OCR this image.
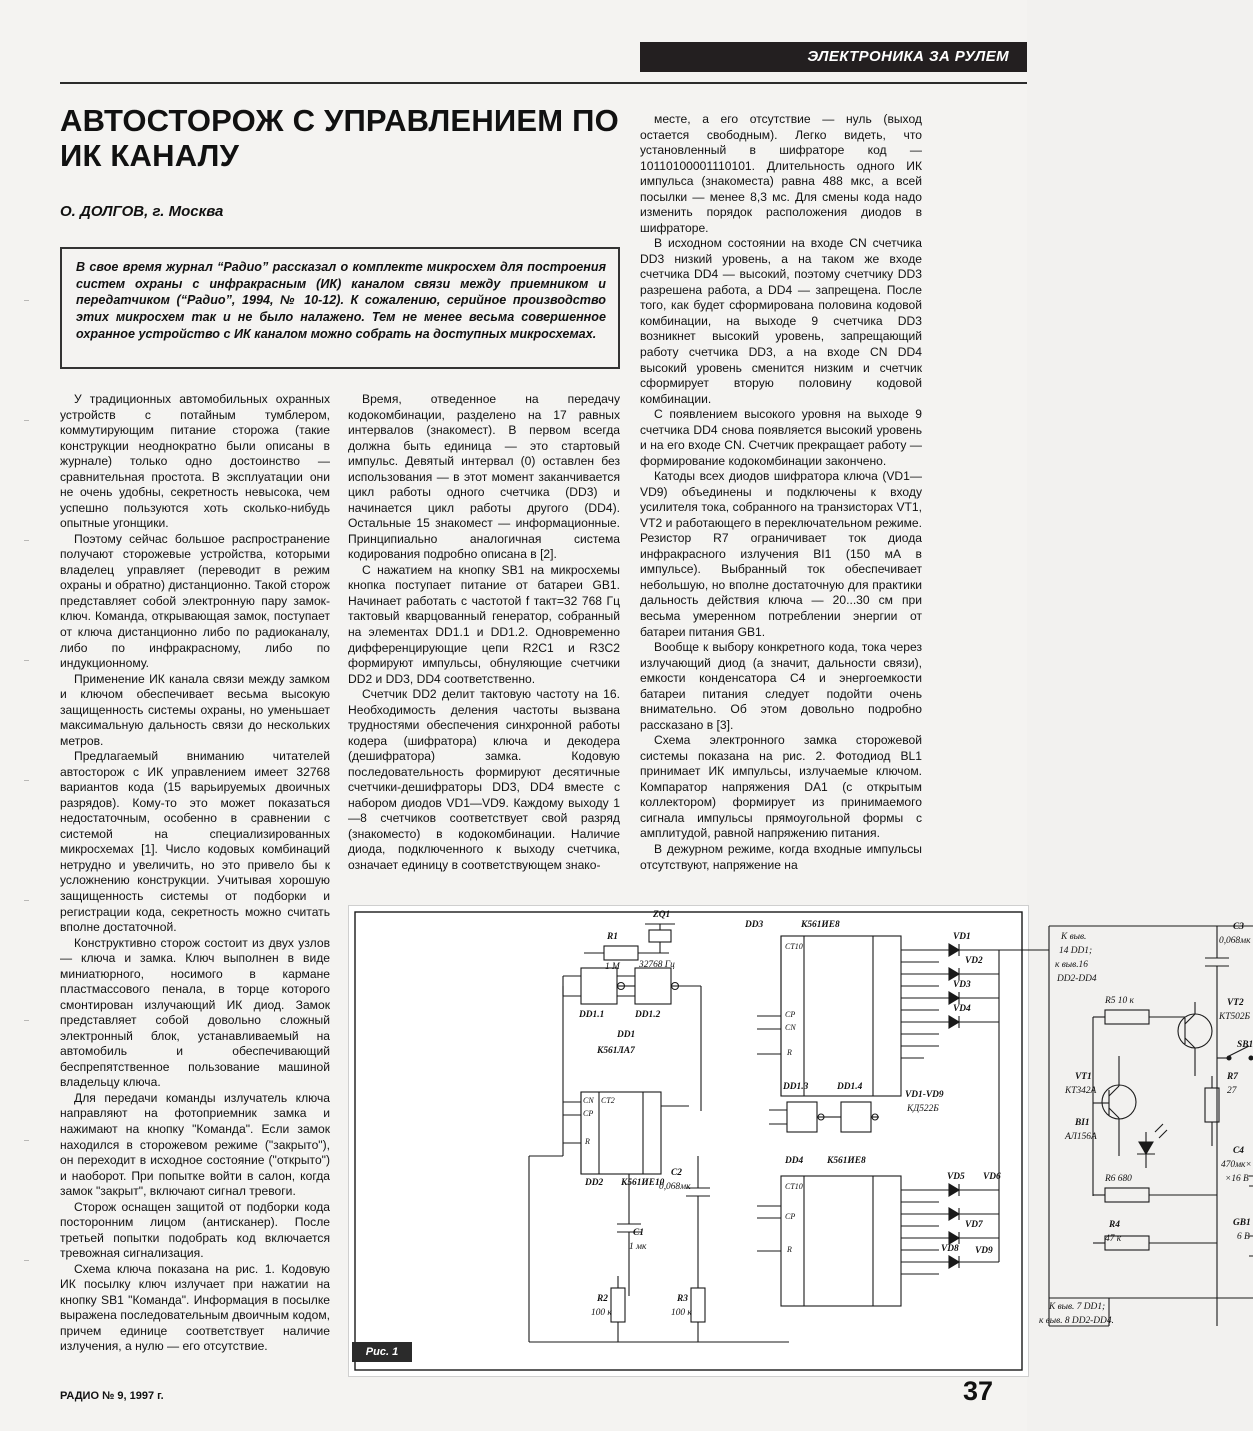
ЭЛЕКТРОНИКА ЗА РУЛЕМ
АВТОСТОРОЖ С УПРАВЛЕНИЕМ ПО ИК КАНАЛУ
О. ДОЛГОВ, г. Москва

В свое время журнал “Радио” рассказал о комплекте микросхем для построения систем охраны с инфракрасным (ИК) каналом связи между приемником и передатчиком (“Радио”, 1994, № 10-12). К сожалению, серийное производство этих микросхем так и не было налажено. Тем не менее весьма совершенное охранное устройство с ИК каналом можно собрать на доступных микросхемах.

У традиционных автомобильных охранных устройств с потайным тумблером, коммутирующим питание сторожа (такие конструкции неоднократно были описаны в журнале) только одно достоинство — сравнительная простота. В эксплуатации они не очень удобны, секретность невысока, чем успешно пользуются хоть сколько-нибудь опытные угонщики.

Поэтому сейчас большое распространение получают сторожевые устройства, которыми владелец управляет (переводит в режим охраны и обратно) дистанционно. Такой сторож представляет собой электронную пару замок-ключ. Команда, открывающая замок, поступает от ключа дистанционно либо по радиоканалу, либо по инфракрасному, либо по индукционному.

Применение ИК канала связи между замком и ключом обеспечивает весьма высокую защищенность системы охраны, но уменьшает максимальную дальность связи до нескольких метров.

Предлагаемый вниманию читателей автосторож с ИК управлением имеет 32768 вариантов кода (15 варьируемых двоичных разрядов). Кому-то это может показаться недостаточным, особенно в сравнении с системой на специализированных микросхемах [1]. Число кодовых комбинаций нетрудно и увеличить, но это привело бы к усложнению конструкции. Учитывая хорошую защищенность системы от подборки и регистрации кода, секретность можно считать вполне достаточной.

Конструктивно сторож состоит из двух узлов — ключа и замка. Ключ выполнен в виде миниатюрного, носимого в кармане пластмассового пенала, в торце которого смонтирован излучающий ИК диод. Замок представляет собой довольно сложный электронный блок, устанавливаемый на автомобиль и обеспечивающий беспрепятственное пользование машиной владельцу ключа.

Для передачи команды излучатель ключа направляют на фотоприемник замка и нажимают на кнопку "Команда". Если замок находился в сторожевом режиме ("закрыто"), он переходит в исходное состояние ("открыто") и наоборот. При попытке войти в салон, когда замок "закрыт", включают сигнал тревоги.

Сторож оснащен защитой от подборки кода посторонним лицом (антисканер). После третьей попытки подобрать код включается тревожная сигнализация.

Схема ключа показана на рис. 1. Кодовую ИК посылку ключ излучает при нажатии на кнопку SB1 "Команда". Информация в посылке выражена последовательным двоичным кодом, причем единице соответствует наличие излучения, а нулю — его отсутствие.

Время, отведенное на передачу кодокомбинации, разделено на 17 равных интервалов (знакомест). В первом всегда должна быть единица — это стартовый импульс. Девятый интервал (0) оставлен без использования — в этот момент заканчивается цикл работы одного счетчика (DD3) и начинается цикл работы другого (DD4). Остальные 15 знакомест — информационные. Принципиально аналогичная система кодирования подробно описана в [2].

С нажатием на кнопку SB1 на микросхемы кнопка поступает питание от батареи GB1. Начинает работать с частотой f такт=32 768 Гц тактовый кварцованный генератор, собранный на элементах DD1.1 и DD1.2. Одновременно дифференцирующие цепи R2C1 и R3C2 формируют импульсы, обнуляющие счетчики DD2 и DD3, DD4 соответственно.

Счетчик DD2 делит тактовую частоту на 16. Необходимость деления частоты вызвана трудностями обеспечения синхронной работы кодера (шифратора) ключа и декодера (дешифратора) замка. Кодовую последовательность формируют десятичные счетчики-дешифраторы DD3, DD4 вместе с набором диодов VD1—VD9. Каждому выходу 1—8 счетчиков соответствует свой разряд (знакоместо) в кодокомбинации. Наличие диода, подключенного к выходу счетчика, означает единицу в соответствующем знако-

месте, а его отсутствие — нуль (выход остается свободным). Легко видеть, что установленный в шифраторе код — 10110100001110101. Длительность одного ИК импульса (знакоместа) равна 488 мкс, а всей посылки — менее 8,3 мс. Для смены кода надо изменить порядок расположения диодов в шифраторе.

В исходном состоянии на входе CN счетчика DD3 низкий уровень, а на таком же входе счетчика DD4 — высокий, поэтому счетчику DD3 разрешена работа, а DD4 — запрещена. После того, как будет сформирована половина кодовой комбинации, на выходе 9 счетчика DD3 возникнет высокий уровень, запрещающий работу счетчика DD3, а на входе CN DD4 высокий уровень сменится низким и счетчик сформирует вторую половину кодовой комбинации.

С появлением высокого уровня на выходе 9 счетчика DD4 снова появляется высокий уровень и на его входе CN. Счетчик прекращает работу — формирование кодокомбинации закончено.

Катоды всех диодов шифратора ключа (VD1—VD9) объединены и подключены к входу усилителя тока, собранного на транзисторах VT1, VT2 и работающего в переключательном режиме. Резистор R7 ограничивает ток диода инфракрасного излучения BI1 (150 мА в импульсе). Выбранный ток обеспечивает небольшую, но вполне достаточную для практики дальность действия ключа — 20...30 см при весьма умеренном потреблении энергии от батареи питания GB1.

Вообще к выбору конкретного кода, тока через излучающий диод (а значит, дальности связи), емкости конденсатора C4 и энергоемкости батареи питания следует подойти очень внимательно. Об этом довольно подробно рассказано в [3].

Схема электронного замка сторожевой системы показана на рис. 2. Фотодиод BL1 принимает ИК импульсы, излучаемые ключом. Компаратор напряжения DA1 (с открытым коллектором) формирует из принимаемого сигнала импульсы прямоугольной формы с амплитудой, равной напряжению питания.

В дежурном режиме, когда входные импульсы отсутствуют, напряжение на

R1
1 М
ZQ1
32768 Гц
DD1.1	DD1.2
DD1
К561ЛА7
DD3	К561ИЕ8
CT10
CP
CN
R
DD1.3	DD1.4
DD4	К561ИЕ8
CT10
CP
R
DD2 К561ИЕ10
CT2
CN
CP
R
C1
1 мк
C2
0,068мк
R2
100 к
R3
100 к
VD1
VD2
VD3
VD4
VD5 VD6
VD7
VD8 VD9
VD1-VD9
КД522Б
К выв.
14 DD1;
к выв.16
DD2-DD4
C3
0,068мк
VT2
КТ502Б
R5 10 к
SB1
VT1
КТ342А
R7
27
BI1
АЛ156А
R6 680
C4
470мк×
×16 В
R4
47 к
GB1
6 В
К выв. 7 DD1;
к выв. 8 DD2-DD4.
Рис. 1
РАДИО № 9, 1997 г.	37
